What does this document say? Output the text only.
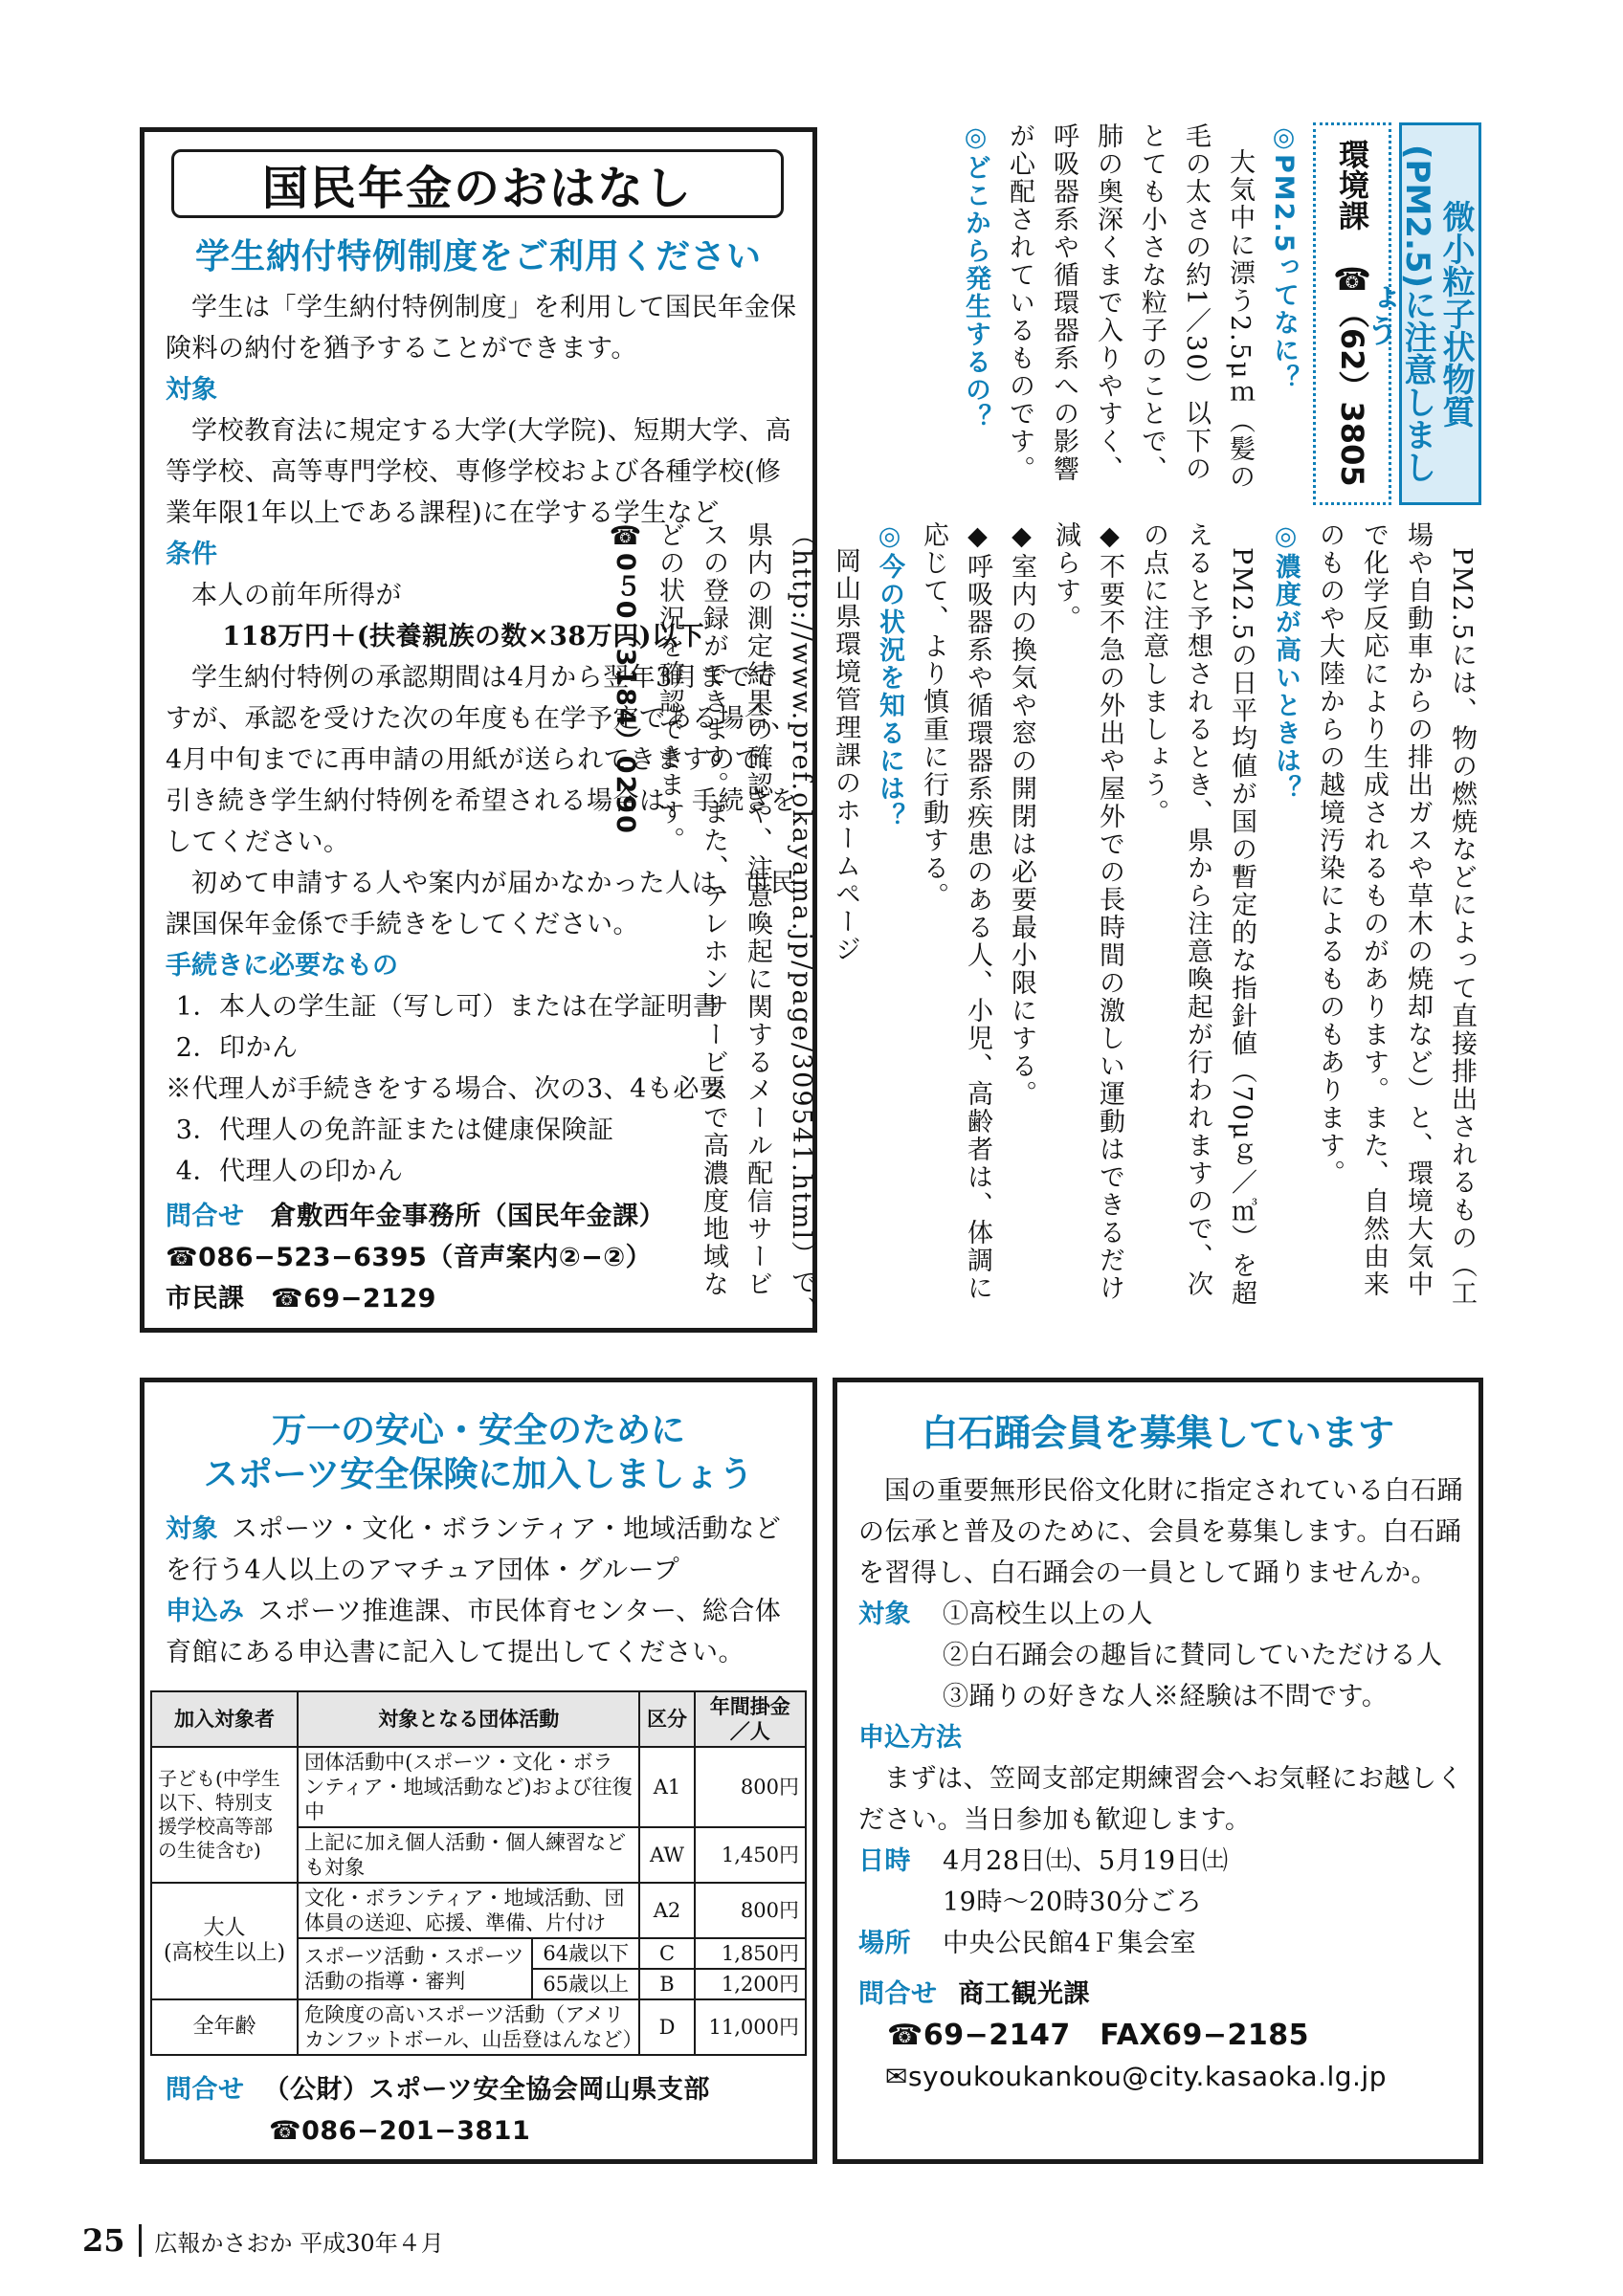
国民年金のおはなし
学生納付特例制度をご利用ください

学生は「学生納付特例制度」を利用して国民年金保険料の納付を猶予することができます。

対象

学校教育法に規定する大学(大学院)、短期大学、高等学校、高等専門学校、専修学校および各種学校(修業年限1年以上である課程)に在学する学生など

条件

本人の前年所得が

118万円＋(扶養親族の数×38万円)以下

学生納付特例の承認期間は4月から翌年3月までですが、承認を受けた次の年度も在学予定である場合、4月中旬までに再申請の用紙が送られてきますので、引き続き学生納付特例を希望される場合は、手続きをしてください。

初めて申請する人や案内が届かなかった人は、市民課国保年金係で手続きをしてください。

手続きに必要なもの

1．本人の学生証（写し可）または在学証明書

2．印かん

※代理人が手続きをする場合、次の3、4も必要

3．代理人の免許証または健康保険証

4．代理人の印かん

問合せ 倉敷西年金事務所（国民年金課）

☎086−523−6395（音声案内②−②）

市民課　☎69−2129

微小粒子状物質(PM2.5)に注意しましょう
環境課　☎（62）3805

◎PM2.5ってなに？

大気中に漂う2.5μｍ（髪の毛の太さの約1／30）以下のとても小さな粒子のことで、肺の奥深くまで入りやすく、呼吸器系や循環器系への影響が心配されているものです。

◎どこから発生するの？

PM2.5には、物の燃焼などによって直接排出されるもの（工場や自動車からの排出ガスや草木の焼却など）と、環境大気中で化学反応により生成されるものがあります。また、自然由来のものや大陸からの越境汚染によるものもあります。

◎濃度が高いときは？

PM2.5の日平均値が国の暫定的な指針値（70μｇ／㎥）を超えると予想されるとき、県から注意喚起が行われますので、次の点に注意しましょう。

◆不要不急の外出や屋外での長時間の激しい運動はできるだけ減らす。

◆室内の換気や窓の開閉は必要最小限にする。

◆呼吸器系や循環器系疾患のある人、小児、高齢者は、体調に応じて、より慎重に行動する。

◎今の状況を知るには？

岡山県環境管理課のホームページ（http://www.pref.okayama.jp/page/309541.html）で、県内の測定結果の確認や、注意喚起に関するメール配信サービスの登録ができます。また、テレホンサービスで高濃度地域などの状況を確認できます。

☎0５0（3184）0290

万一の安心・安全のために
スポーツ安全保険に加入しましょう

対象 スポーツ・文化・ボランティア・地域活動などを行う4人以上のアマチュア団体・グループ

申込み スポーツ推進課、市民体育センター、総合体育館にある申込書に記入して提出してください。

加入対象者	対象となる団体活動		区分	年間掛金／人
子ども(中学生以下、特別支援学校高等部の生徒含む)	団体活動中(スポーツ・文化・ボランティア・地域活動など)および往復中		A1	800円
	上記に加え個人活動・個人練習など も対象		AW	1,450円
大人
(高校生以上)	文化・ボランティア・地域活動、団体員の送迎、応援、準備、片付け		A2	800円
	スポーツ活動・スポーツ活動の指導・審判	64歳以下	C	1,850円
		65歳以上	B	1,200円
全年齢	危険度の高いスポーツ活動（アメリカンフットボール、山岳登はんなど）		D	11,000円

問合せ （公財）スポーツ安全協会岡山県支部

☎086−201−3811

白石踊会員を募集しています

国の重要無形民俗文化財に指定されている白石踊の伝承と普及のために、会員を募集します。白石踊を習得し、白石踊会の一員として踊りませんか。

対象 ①高校生以上の人

②白石踊会の趣旨に賛同していただける人

③踊りの好きな人※経験は不問です。

申込方法

まずは、笠岡支部定期練習会へお気軽にお越しください。当日参加も歓迎します。

日時 4月28日㈯、5月19日㈯

19時〜20時30分ごろ

場所 中央公民館4Ｆ集会室

問合せ 商工観光課

☎69−2147　FAX69−2185

✉syoukoukankou@city.kasaoka.lg.jp

25 広報かさおか 平成30年４月
